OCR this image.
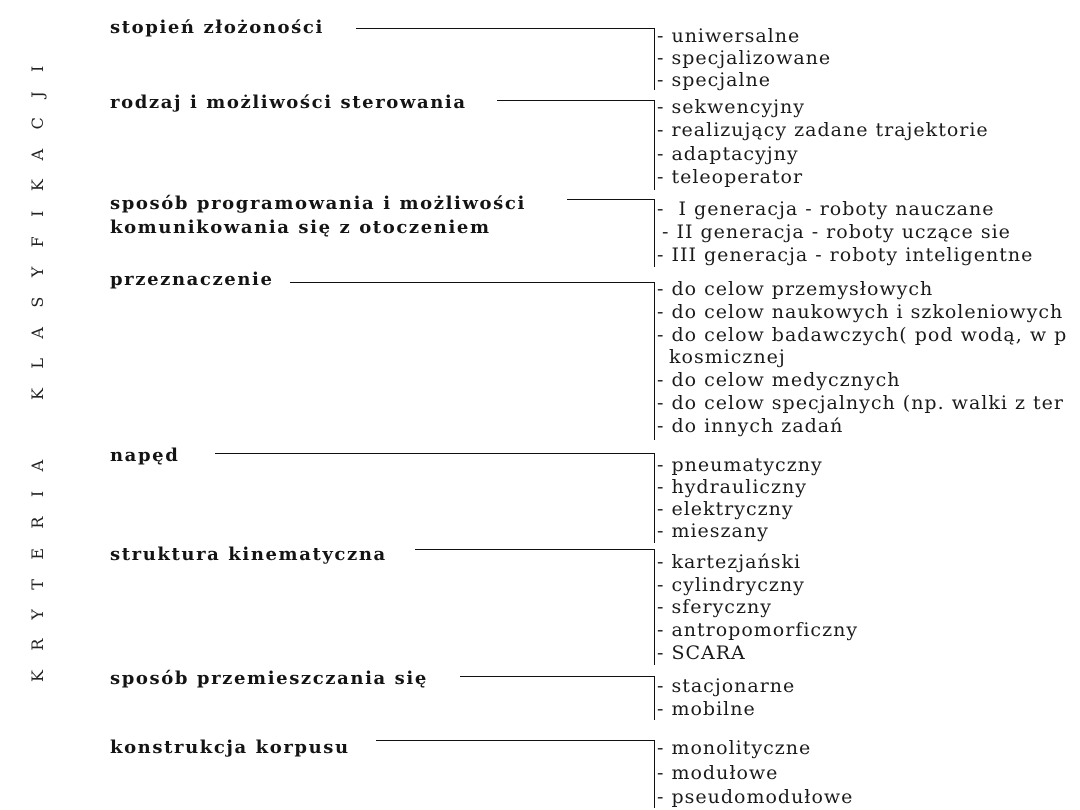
KRYTERIA KLASYFIKACJI
stopień złożoności	- uniwersalne
- specjalizowane
- specjalne
rodzaj i możliwości sterowania	- sekwencyjny
- realizujący zadane trajektorie
- adaptacyjny
- teleoperator
sposób programowania i możliwości
komunikowania się z otoczeniem
-  I generacja - roboty nauczane
- II generacja - roboty uczące sie
- III generacja - roboty inteligentne
przeznaczenie	- do celow przemysłowych
- do celow naukowych i szkoleniowych
- do celow badawczych( pod wodą, w p
kosmicznej
- do celow medycznych
- do celow specjalnych (np. walki z ter
- do innych zadań
napęd	- pneumatyczny
- hydrauliczny
- elektryczny
- mieszany
struktura kinematyczna	- kartezjański
- cylindryczny
- sferyczny
- antropomorficzny
- SCARA
sposób przemieszczania się	- stacjonarne
- mobilne
konstrukcja korpusu	- monolityczne
- modułowe
- pseudomodułowe
